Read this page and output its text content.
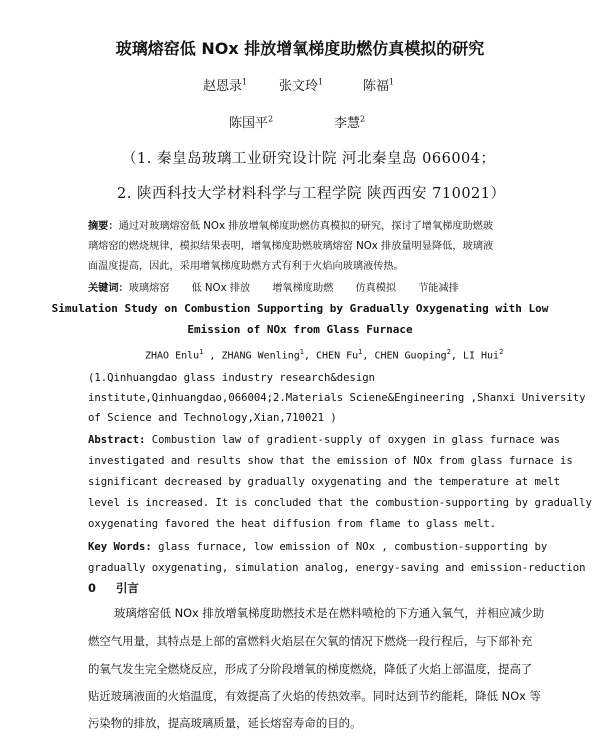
玻璃熔窑低 NOx 排放增氧梯度助燃仿真模拟的研究
赵恩录$^1$ 张文玲$^1$	陈福$^1$
陈国平$^2$	李慧$^2$
（1. 秦皇岛玻璃工业研究设计院 河北秦皇岛 066004；
2. 陕西科技大学材料科学与工程学院 陕西西安 710021）
摘要：通过对玻璃熔窑低 NOx 排放增氧梯度助燃仿真模拟的研究，探讨了增氧梯度助燃玻
璃熔窑的燃烧规律，模拟结果表明，增氧梯度助燃玻璃熔窑 NOx 排放量明显降低，玻璃液
面温度提高，因此，采用增氧梯度助燃方式有利于火焰向玻璃液传热。
关键词：玻璃熔窑 低 NOx 排放 增氧梯度助燃 仿真模拟 节能减排
Simulation Study on Combustion Supporting by Gradually Oxygenating with Low
Emission of NOx from Glass Furnace
ZHAO Enlu$^1$ , ZHANG Wenling$^1$, CHEN Fu$^1$, CHEN Guoping$^2$, LI Hui$^2$
(1.Qinhuangdao glass industry research&design
institute,Qinhuangdao,066004;2.Materials Sciene&Engineering ,Shanxi University
of Science and Technology,Xian,710021 )
Abstract: Combustion law of gradient-supply of oxygen in glass furnace was
investigated and results show that the emission of NOx from glass furnace is
significant decreased by gradually oxygenating and the temperature at melt
level is increased. It is concluded that the combustion-supporting by gradually
oxygenating favored the heat diffusion from flame to glass melt.
Key Words: glass furnace, low emission of NOx , combustion-supporting by
gradually oxygenating, simulation analog, energy-saving and emission-reduction
0 引言
玻璃熔窑低 NOx 排放增氧梯度助燃技术是在燃料喷枪的下方通入氧气，并相应减少助
燃空气用量，其特点是上部的富燃料火焰层在欠氧的情况下燃烧一段行程后，与下部补充
的氧气发生完全燃烧反应，形成了分阶段增氧的梯度燃烧，降低了火焰上部温度，提高了
贴近玻璃液面的火焰温度，有效提高了火焰的传热效率。同时达到节约能耗，降低 NOx 等
污染物的排放，提高玻璃质量，延长熔窑寿命的目的。
